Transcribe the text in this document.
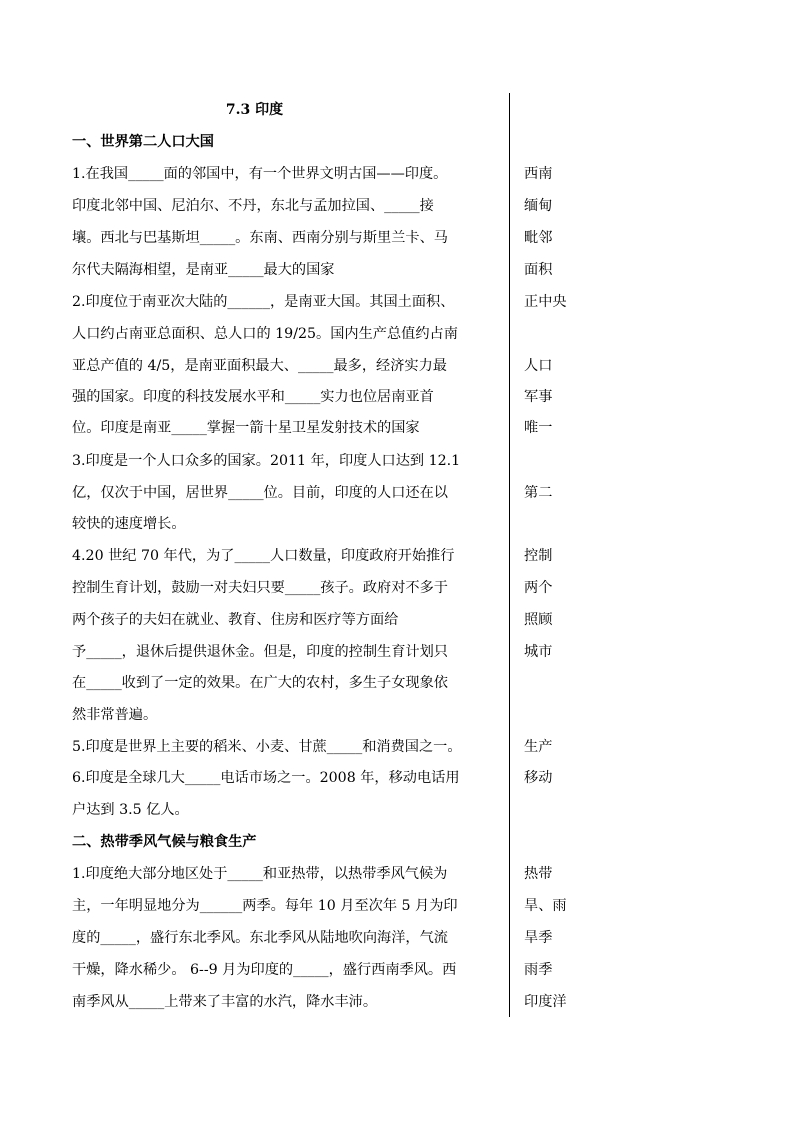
7.3 印度
一、世界第二人口大国
1.在我国_____面的邻国中，有一个世界文明古国——印度。
印度北邻中国、尼泊尔、不丹，东北与孟加拉国、_____接
壤。西北与巴基斯坦_____。东南、西南分别与斯里兰卡、马
尔代夫隔海相望，是南亚_____最大的国家
2.印度位于南亚次大陆的______，是南亚大国。其国土面积、
人口约占南亚总面积、总人口的 19/25。国内生产总值约占南
亚总产值的 4/5，是南亚面积最大、_____最多，经济实力最
强的国家。印度的科技发展水平和_____实力也位居南亚首
位。印度是南亚_____掌握一箭十星卫星发射技术的国家
3.印度是一个人口众多的国家。2011 年，印度人口达到 12.1
亿，仅次于中国，居世界_____位。目前，印度的人口还在以
较快的速度增长。
4.20 世纪 70 年代，为了_____人口数量，印度政府开始推行
控制生育计划，鼓励一对夫妇只要_____孩子。政府对不多于
两个孩子的夫妇在就业、教育、住房和医疗等方面给
予_____，退休后提供退休金。但是，印度的控制生育计划只
在_____收到了一定的效果。在广大的农村，多生子女现象依
然非常普遍。
5.印度是世界上主要的稻米、小麦、甘蔗_____和消费国之一。
6.印度是全球几大_____电话市场之一。2008 年，移动电话用
户达到 3.5 亿人。
二、热带季风气候与粮食生产
1.印度绝大部分地区处于_____和亚热带，以热带季风气候为
主，一年明显地分为______两季。每年 10 月至次年 5 月为印
度的_____，盛行东北季风。东北季风从陆地吹向海洋，气流
干燥，降水稀少。 6--9 月为印度的_____，盛行西南季风。西
南季风从_____上带来了丰富的水汽，降水丰沛。
西南
缅甸
毗邻
面积
正中央
人口
军事
唯一
第二
控制
两个
照顾
城市
生产
移动
热带
旱、雨
旱季
雨季
印度洋
